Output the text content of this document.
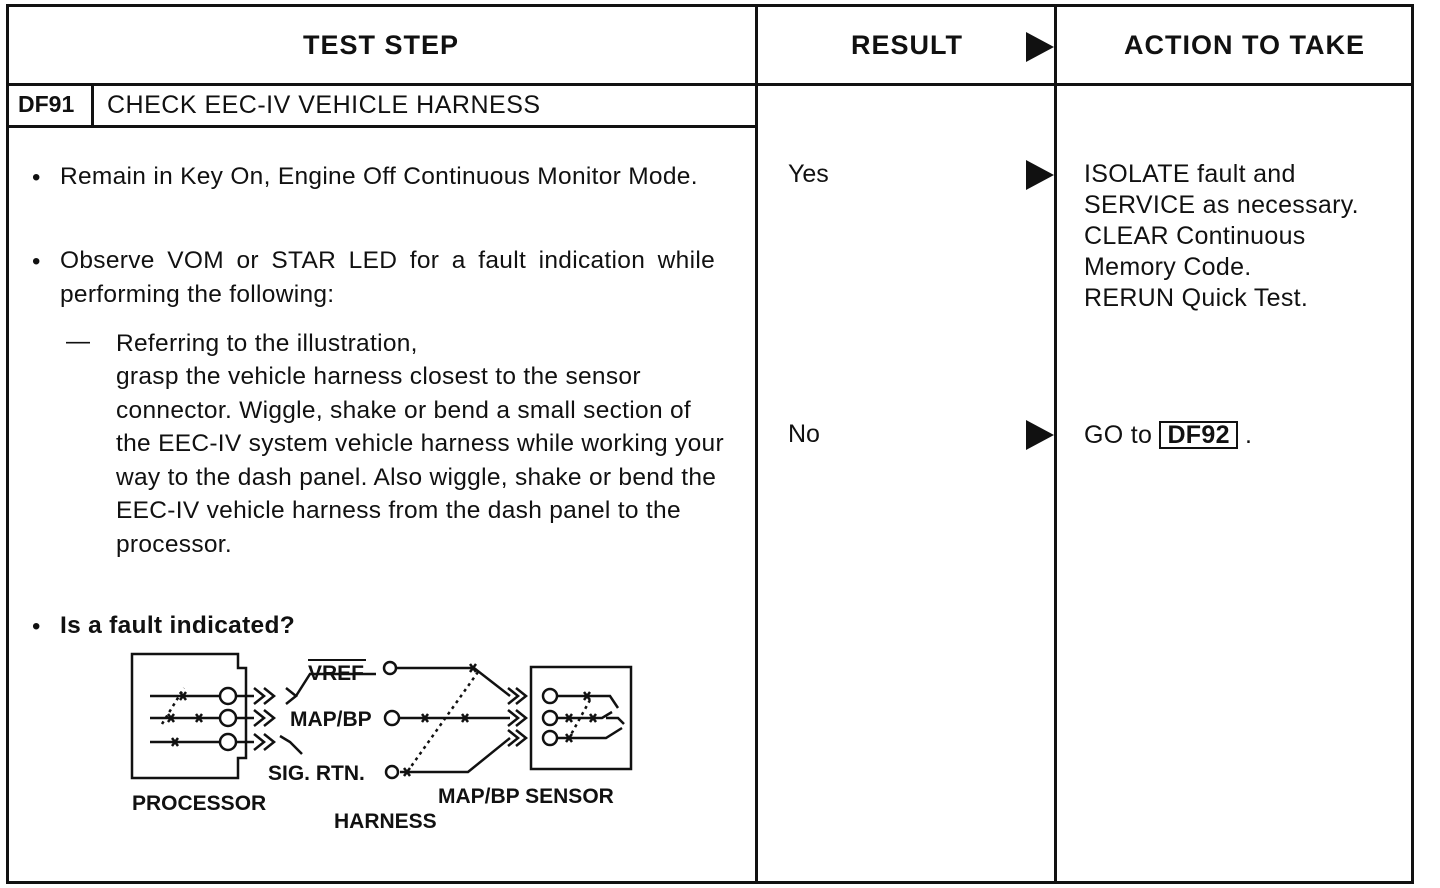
TEST STEP	RESULT	ACTION TO TAKE
DF91 CHECK EEC-IV VEHICLE HARNESS
• Remain in Key On, Engine Off Continuous Monitor Mode.
• Observe VOM or STAR LED for a fault indication while performing the following:
— Referring to the illustration,
grasp the vehicle harness closest to the sensor connector. Wiggle, shake or bend a small section of the EEC-IV system vehicle harness while working your way to the dash panel. Also wiggle, shake or bend the EEC-IV vehicle harness from the dash panel to the processor.
• Is a fault indicated?
VREF
MAP/BP
SIG. RTN.
PROCESSOR
HARNESS
MAP/BP SENSOR
Yes	ISOLATE fault and
SERVICE as necessary.
CLEAR Continuous
Memory Code.
RERUN Quick Test.
No	GO to DF92 .
